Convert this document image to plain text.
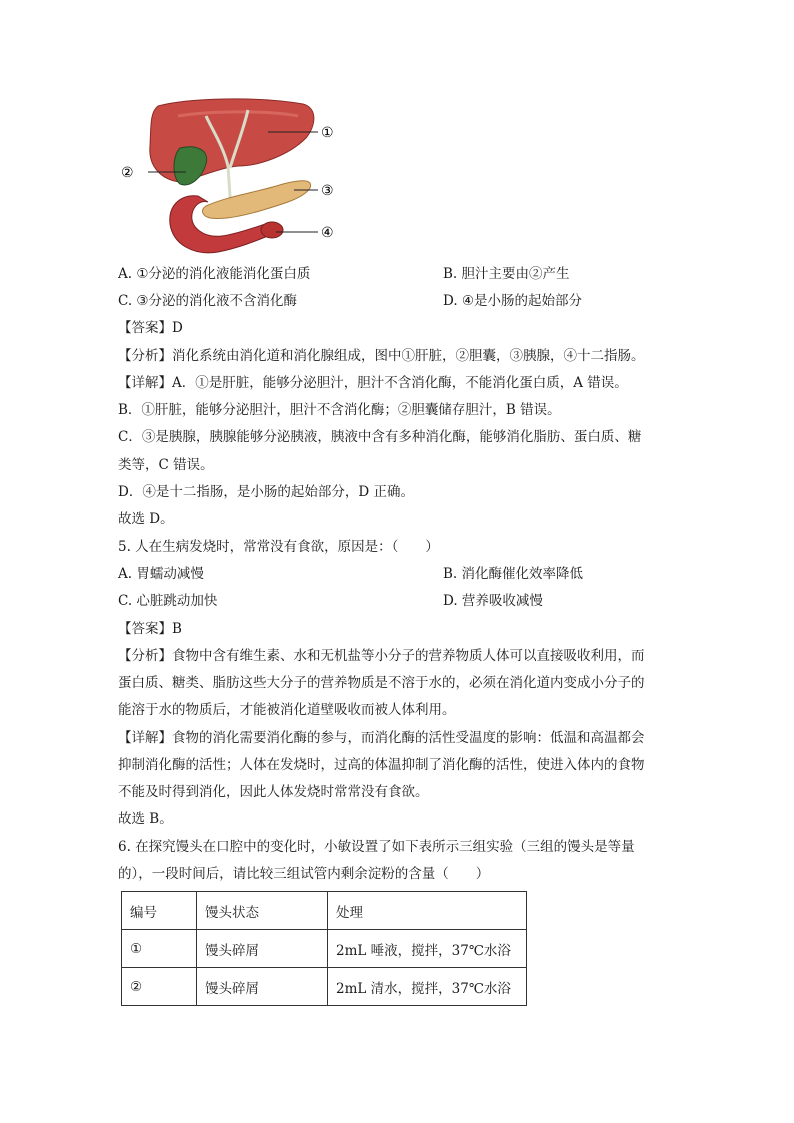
①
②
③
④
A. ①分泌的消化液能消化蛋白质	B. 胆汁主要由②产生
C. ③分泌的消化液不含消化酶	D. ④是小肠的起始部分
【答案】D
【分析】消化系统由消化道和消化腺组成，图中①肝脏，②胆囊，③胰腺，④十二指肠。
【详解】A．①是肝脏，能够分泌胆汁，胆汁不含消化酶，不能消化蛋白质，A 错误。
B．①肝脏，能够分泌胆汁，胆汁不含消化酶；②胆囊储存胆汁，B 错误。
C．③是胰腺，胰腺能够分泌胰液，胰液中含有多种消化酶，能够消化脂肪、蛋白质、糖
类等，C 错误。
D．④是十二指肠，是小肠的起始部分，D 正确。
故选 D。
5. 人在生病发烧时，常常没有食欲，原因是：（　　）
A. 胃蠕动减慢	B. 消化酶催化效率降低
C. 心脏跳动加快	D. 营养吸收减慢
【答案】B
【分析】食物中含有维生素、水和无机盐等小分子的营养物质人体可以直接吸收利用，而
蛋白质、糖类、脂肪这些大分子的营养物质是不溶于水的，必须在消化道内变成小分子的
能溶于水的物质后，才能被消化道壁吸收而被人体利用。
【详解】食物的消化需要消化酶的参与，而消化酶的活性受温度的影响：低温和高温都会
抑制消化酶的活性；人体在发烧时，过高的体温抑制了消化酶的活性，使进入体内的食物
不能及时得到消化，因此人体发烧时常常没有食欲。
故选 B。
6. 在探究馒头在口腔中的变化时，小敏设置了如下表所示三组实验（三组的馒头是等量
的），一段时间后，请比较三组试管内剩余淀粉的含量（　　）
编号	馒头状态	处理
①	馒头碎屑	2mL 唾液，搅拌，37℃水浴
②	馒头碎屑	2mL 清水，搅拌，37℃水浴
